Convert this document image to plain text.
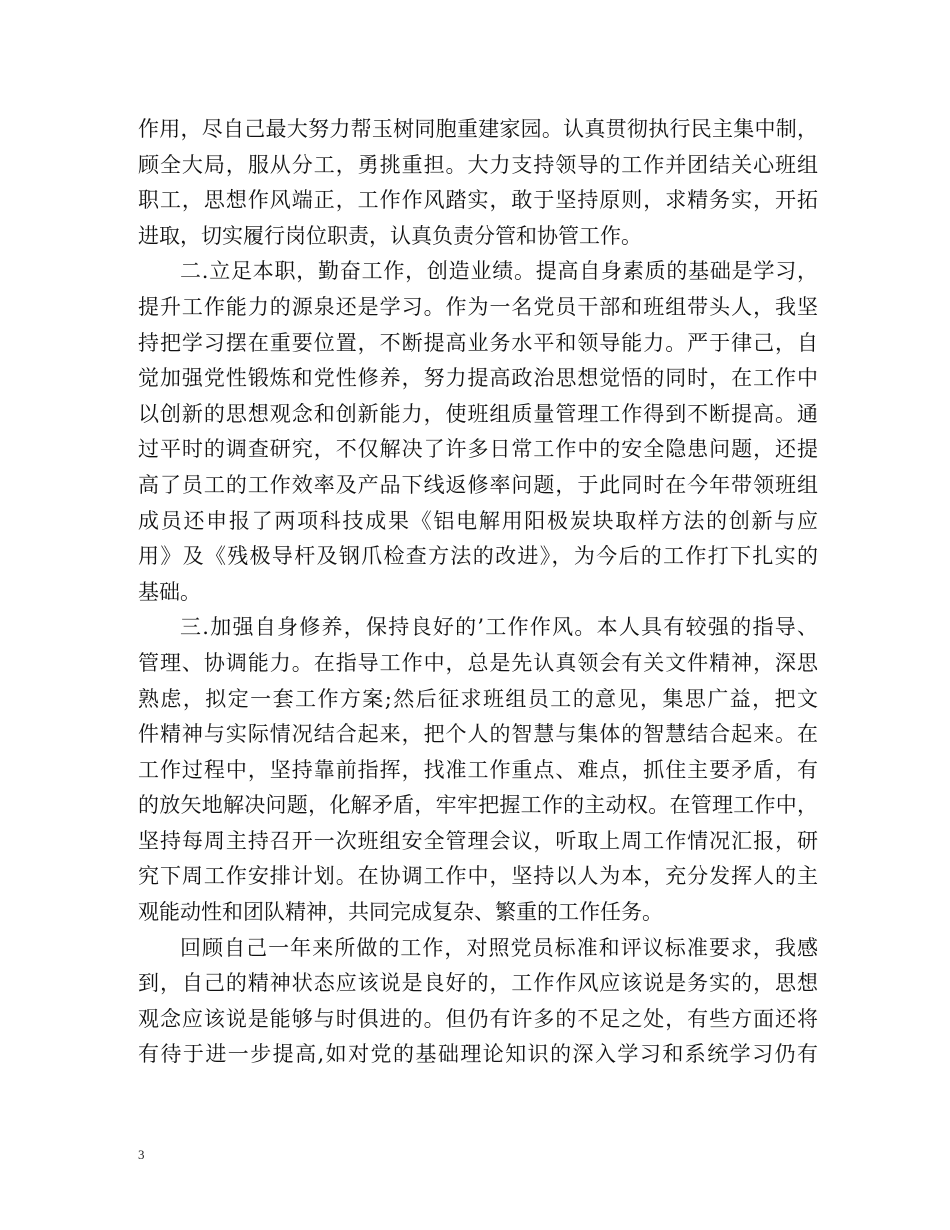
作用，尽自己最大努力帮玉树同胞重建家园。认真贯彻执行民主集中制，
顾全大局，服从分工，勇挑重担。大力支持领导的工作并团结关心班组
职工，思想作风端正，工作作风踏实，敢于坚持原则，求精务实，开拓
进取，切实履行岗位职责，认真负责分管和协管工作。
二.立足本职，勤奋工作，创造业绩。提高自身素质的基础是学习，
提升工作能力的源泉还是学习。作为一名党员干部和班组带头人，我坚
持把学习摆在重要位置，不断提高业务水平和领导能力。严于律己，自
觉加强党性锻炼和党性修养，努力提高政治思想觉悟的同时，在工作中
以创新的思想观念和创新能力，使班组质量管理工作得到不断提高。通
过平时的调查研究，不仅解决了许多日常工作中的安全隐患问题，还提
高了员工的工作效率及产品下线返修率问题，于此同时在今年带领班组
成员还申报了两项科技成果《铝电解用阳极炭块取样方法的创新与应
用》及《残极导杆及钢爪检查方法的改进》，为今后的工作打下扎实的
基础。
三.加强自身修养，保持良好的’工作作风。本人具有较强的指导、
管理、协调能力。在指导工作中，总是先认真领会有关文件精神，深思
熟虑，拟定一套工作方案;然后征求班组员工的意见，集思广益，把文
件精神与实际情况结合起来，把个人的智慧与集体的智慧结合起来。在
工作过程中，坚持靠前指挥，找准工作重点、难点，抓住主要矛盾，有
的放矢地解决问题，化解矛盾，牢牢把握工作的主动权。在管理工作中，
坚持每周主持召开一次班组安全管理会议，听取上周工作情况汇报，研
究下周工作安排计划。在协调工作中，坚持以人为本，充分发挥人的主
观能动性和团队精神，共同完成复杂、繁重的工作任务。
回顾自己一年来所做的工作，对照党员标准和评议标准要求，我感
到，自己的精神状态应该说是良好的，工作作风应该说是务实的，思想
观念应该说是能够与时俱进的。但仍有许多的不足之处，有些方面还将
有待于进一步提高,如对党的基础理论知识的深入学习和系统学习仍有
3
